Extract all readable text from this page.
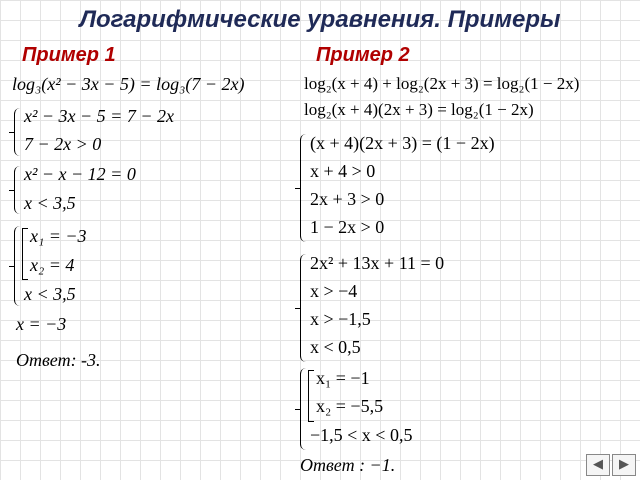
Логарифмические уравнения. Примеры
Пример 1
log₃(x² − 3x − 5) = log₃(7 − 2x)
x² − 3x − 5 = 7 − 2x
7 − 2x > 0
x² − x − 12 = 0
x < 3,5
x₁ = −3
x₂ = 4
x < 3,5
x = −3
Ответ: -3.
Пример 2
log₂(x + 4) + log₂(2x + 3) = log₂(1 − 2x)
log₂(x + 4)(2x + 3) = log₂(1 − 2x)
(x + 4)(2x + 3) = (1 − 2x)
x + 4 > 0
2x + 3 > 0
1 − 2x > 0
2x² + 13x + 11 = 0
x > −4
x > −1,5
x < 0,5
x₁ = −1
x₂ = −5,5
−1,5 < x < 0,5
Ответ : −1.	◀	▶
